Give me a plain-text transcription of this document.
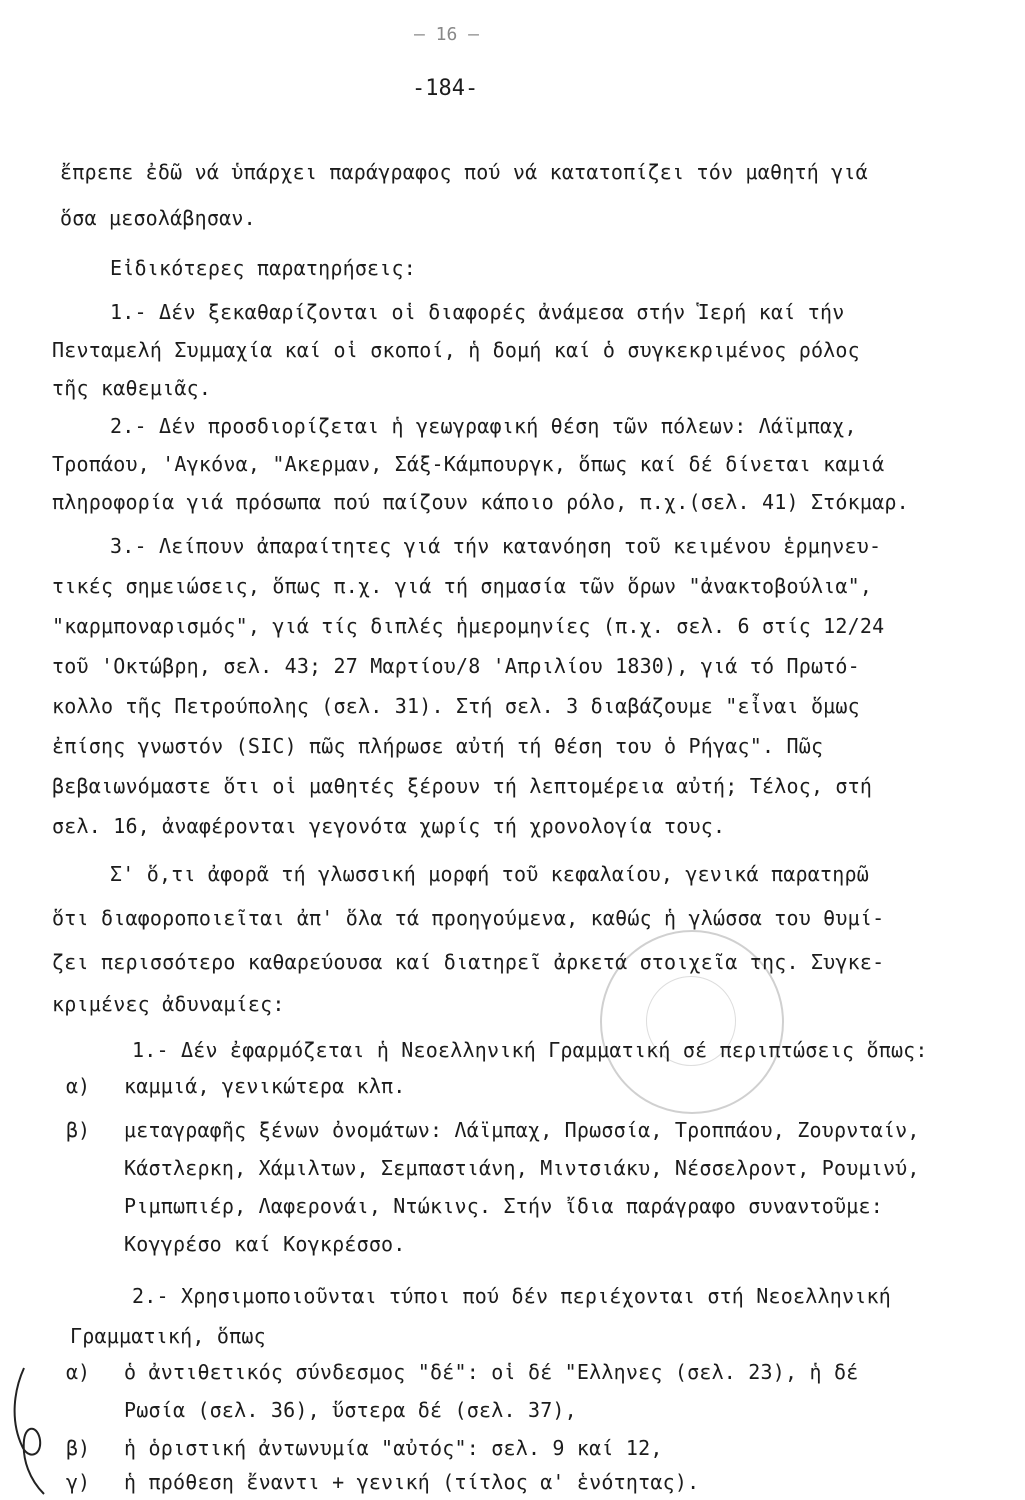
– 16 –
-184-
ἔπρεπε ἐδῶ νά ὑπάρχει παράγραφος πού νά κατατοπίζει τόν μαθητή γιά
ὅσα μεσολάβησαν.
Εἰδικότερες παρατηρήσεις:
1.- Δέν ξεκαθαρίζονται οἱ διαφορές ἀνάμεσα στήν Ἱερή καί τήν
Πενταμελή Συμμαχία καί οἱ σκοποί, ἡ δομή καί ὁ συγκεκριμένος ρόλος
τῆς καθεμιᾶς.
2.- Δέν προσδιορίζεται ἡ γεωγραφική θέση τῶν πόλεων: Λάϊμπαχ,
Τροπάου, 'Αγκόνα, "Ακερμαν, Σάξ-Κάμπουργκ, ὅπως καί δέ δίνεται καμιά
πληροφορία γιά πρόσωπα πού παίζουν κάποιο ρόλο, π.χ.(σελ. 41) Στόκμαρ.
3.- Λείπουν ἀπαραίτητες γιά τήν κατανόηση τοῦ κειμένου ἑρμηνευ-
τικές σημειώσεις, ὅπως π.χ. γιά τή σημασία τῶν ὅρων "ἀνακτοβούλια",
"καρμποναρισμός", γιά τίς διπλές ἡμερομηνίες (π.χ. σελ. 6 στίς 12/24
τοῦ 'Οκτώβρη, σελ. 43; 27 Μαρτίου/8 'Απριλίου 1830), γιά τό Πρωτό-
κολλο τῆς Πετρούπολης (σελ. 31). Στή σελ. 3 διαβάζουμε "εἶναι ὅμως
ἐπίσης γνωστόν (SIC) πῶς πλήρωσε αὐτή τή θέση του ὁ Ρήγας". Πῶς
βεβαιωνόμαστε ὅτι οἱ μαθητές ξέρουν τή λεπτομέρεια αὐτή; Τέλος, στή
σελ. 16, ἀναφέρονται γεγονότα χωρίς τή χρονολογία τους.
Σ' ὅ,τι ἀφορᾶ τή γλωσσική μορφή τοῦ κεφαλαίου, γενικά παρατηρῶ
ὅτι διαφοροποιεῖται ἀπ' ὅλα τά προηγούμενα, καθώς ἡ γλώσσα του θυμί-
ζει περισσότερο καθαρεύουσα καί διατηρεῖ ἀρκετά στοιχεῖα της. Συγκε-
κριμένες ἀδυναμίες:
1.- Δέν ἐφαρμόζεται ἡ Νεοελληνική Γραμματική σέ περιπτώσεις ὅπως:
α) καμμιά, γενικώτερα κλπ.
β) μεταγραφῆς ξένων ὀνομάτων: Λάϊμπαχ, Πρωσσία, Τροππάου, Ζουρνταίν,
Κάστλερκη, Χάμιλτων, Σεμπαστιάνη, Μιντσιάκυ, Νέσσελροντ, Ρουμινύ,
Ριμπωπιέρ, Λαφερονάι, Ντώκινς. Στήν ἴδια παράγραφο συναντοῦμε:
Κογγρέσο καί Κογκρέσσο.
2.- Χρησιμοποιοῦνται τύποι πού δέν περιέχονται στή Νεοελληνική
Γραμματική, ὅπως
α) ὁ ἀντιθετικός σύνδεσμος "δέ": οἱ δέ "Ελληνες (σελ. 23), ἡ δέ
Ρωσία (σελ. 36), ὕστερα δέ (σελ. 37),
β) ἡ ὁριστική ἀντωνυμία "αὐτός": σελ. 9 καί 12,
γ) ἡ πρόθεση ἔναντι + γενική (τίτλος α' ἑνότητας).
